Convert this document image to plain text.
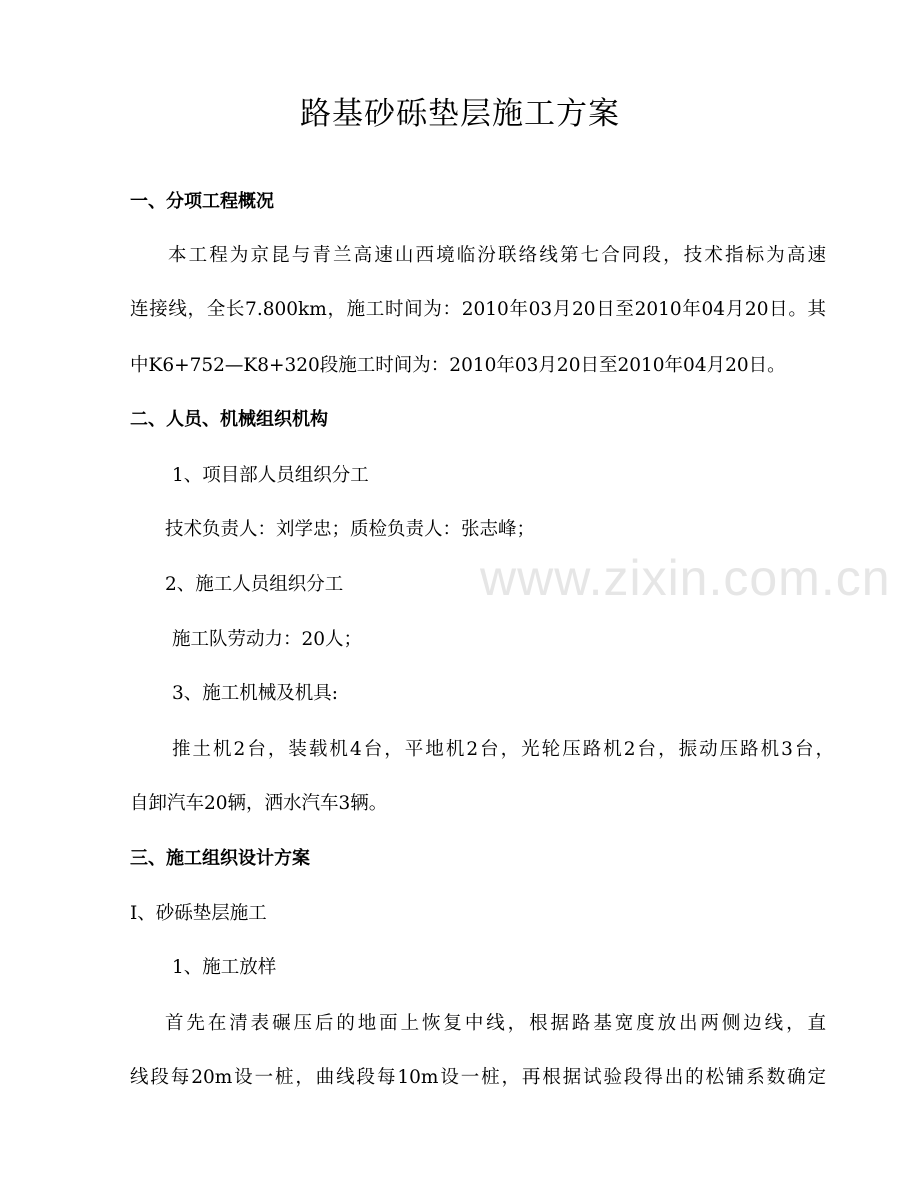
路基砂砾垫层施工方案
一、分项工程概况
本工程为京昆与青兰高速山西境临汾联络线第七合同段，技术指标为高速
连接线，全长7.800km，施工时间为：2010年03月20日至2010年04月20日。其
中K6+752—K8+320段施工时间为：2010年03月20日至2010年04月20日。
二、人员、机械组织机构
1、项目部人员组织分工
技术负责人：刘学忠；质检负责人：张志峰；
2、施工人员组织分工
施工队劳动力：20人；
3、施工机械及机具:
推土机2台，装载机4台，平地机2台，光轮压路机2台，振动压路机3台，
自卸汽车20辆，洒水汽车3辆。
三、施工组织设计方案
Ⅰ、砂砾垫层施工
1、施工放样
首先在清表碾压后的地面上恢复中线，根据路基宽度放出两侧边线，直
线段每20m设一桩，曲线段每10m设一桩，再根据试验段得出的松铺系数确定
www.zixin.com.cn
